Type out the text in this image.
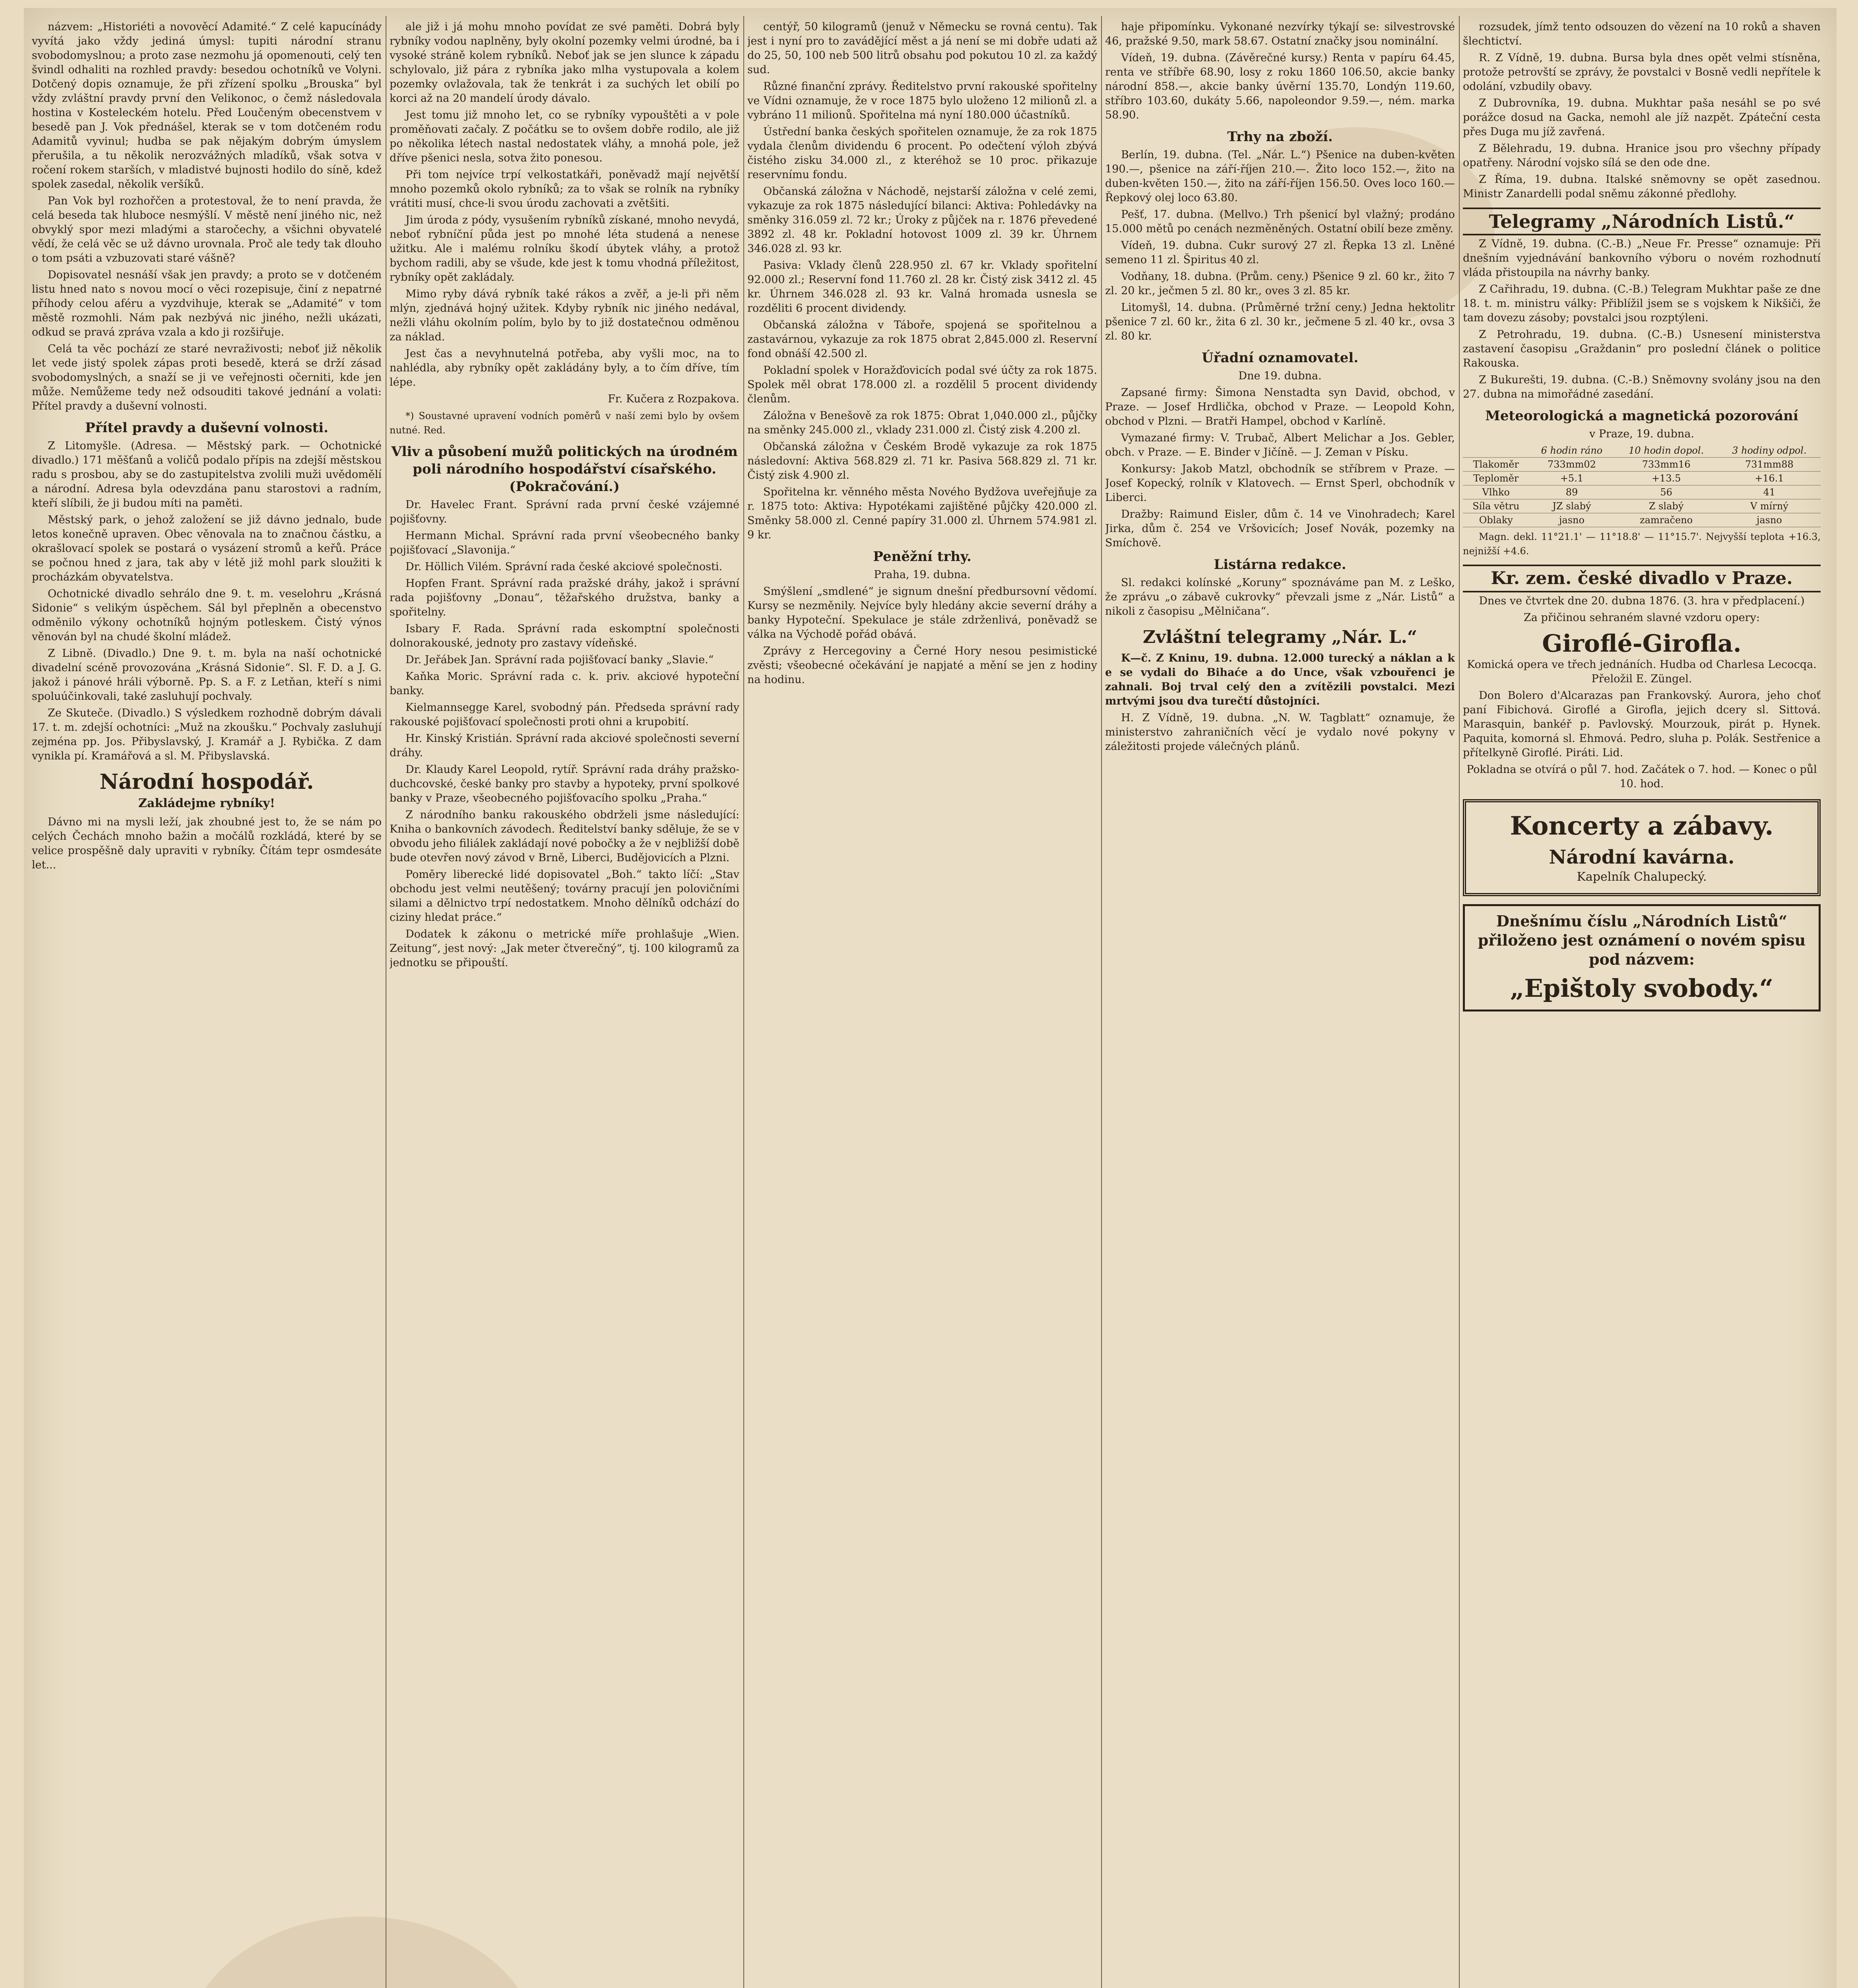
názvem: „Historiéti a novověcí Adamité.“ Z celé kapucínády vyvítá jako vždy jediná úmysl: tupiti národní stranu svobodomyslnou; a proto zase nezmohu já opomenouti, celý ten švindl odhaliti na rozhled pravdy: besedou ochotníků ve Volyni. Dotčený dopis oznamuje, že při zřízení spolku „Brouska“ byl vždy zvláštní pravdy první den Velikonoc, o čemž následovala hostina v Kosteleckém hotelu. Před Loučeným obecenstvem v besedě pan J. Vok přednášel, kterak se v tom dotčeném rodu Adamitů vyvinul; hudba se pak nějakým dobrým úmyslem přerušila, a tu několik nerozvážných mladíků, však sotva v ročení rokem starších, v mladistvé bujnosti hodilo do síně, kdež spolek zasedal, několik veršíků.

Pan Vok byl rozhořčen a protestoval, že to není pravda, že celá beseda tak hluboce nesmýšlí. V městě není jiného nic, než obvyklý spor mezi mladými a staročechy, a všichni obyvatelé vědí, že celá věc se už dávno urovnala. Proč ale tedy tak dlouho o tom psáti a vzbuzovati staré vášně?

Dopisovatel nesnáší však jen pravdy; a proto se v dotčeném listu hned nato s novou mocí o věci rozepisuje, činí z nepatrné příhody celou aféru a vyzdvihuje, kterak se „Adamité“ v tom městě rozmohli. Nám pak nezbývá nic jiného, nežli ukázati, odkud se pravá zpráva vzala a kdo ji rozšiřuje.

Celá ta věc pochází ze staré nevraživosti; neboť již několik let vede jistý spolek zápas proti besedě, která se drží zásad svobodomyslných, a snaží se ji ve veřejnosti očerniti, kde jen může. Nemůžeme tedy než odsouditi takové jednání a volati: Přítel pravdy a duševní volnosti.

Přítel pravdy a duševní volnosti.

Z Litomyšle. (Adresa. — Městský park. — Ochotnické divadlo.) 171 měšťanů a voličů podalo přípis na zdejší městskou radu s prosbou, aby se do zastupitelstva zvolili muži uvědomělí a národní. Adresa byla odevzdána panu starostovi a radním, kteří slíbili, že ji budou míti na paměti.

Městský park, o jehož založení se již dávno jednalo, bude letos konečně upraven. Obec věnovala na to značnou částku, a okrašlovací spolek se postará o vysázení stromů a keřů. Práce se počnou hned z jara, tak aby v létě již mohl park sloužiti k procházkám obyvatelstva.

Ochotnické divadlo sehrálo dne 9. t. m. veselohru „Krásná Sidonie“ s velikým úspěchem. Sál byl přeplněn a obecenstvo odměnilo výkony ochotníků hojným potleskem. Čistý výnos věnován byl na chudé školní mládež.

Z Libně. (Divadlo.) Dne 9. t. m. byla na naší ochotnické divadelní scéně provozována „Krásná Sidonie“. Sl. F. D. a J. G. jakož i pánové hráli výborně. Pp. S. a F. z Letňan, kteří s nimi spoluúčinkovali, také zasluhují pochvaly.

Ze Skuteče. (Divadlo.) S výsledkem rozhodně dobrým dávali 17. t. m. zdejší ochotníci: „Muž na zkoušku.“ Pochvaly zasluhují zejména pp. Jos. Přibyslavský, J. Kramář a J. Rybička. Z dam vynikla pí. Kramářová a sl. M. Přibyslavská.

Národní hospodář.
Zakládejme rybníky!

Dávno mi na mysli leží, jak zhoubné jest to, že se nám po celých Čechách mnoho bažin a močálů rozkládá, které by se velice prospěšně daly upraviti v rybníky. Čítám tepr osmdesáte let...

ale již i já mohu mnoho povídat ze své paměti. Dobrá byly rybníky vodou naplněny, byly okolní pozemky velmi úrodné, ba i vysoké stráně kolem rybníků. Neboť jak se jen slunce k západu schylovalo, již pára z rybníka jako mlha vystupovala a kolem pozemky ovlažovala, tak že tenkrát i za suchých let obilí po korci až na 20 mandelí úrody dávalo.

Jest tomu již mnoho let, co se rybníky vypouštěti a v pole proměňovati začaly. Z počátku se to ovšem dobře rodilo, ale již po několika létech nastal nedostatek vláhy, a mnohá pole, jež dříve pšenici nesla, sotva žito ponesou.

Při tom nejvíce trpí velkostatkáři, poněvadž mají největší mnoho pozemků okolo rybníků; za to však se rolník na rybníky vrátiti musí, chce-li svou úrodu zachovati a zvětšiti.

Jim úroda z pódy, vysušením rybníků získané, mnoho nevydá, neboť rybníční půda jest po mnohé léta studená a nenese užitku. Ale i malému rolníku škodí úbytek vláhy, a protož bychom radili, aby se všude, kde jest k tomu vhodná příležitost, rybníky opět zakládaly.

Mimo ryby dává rybník také rákos a zvěř, a je-li při něm mlýn, zjednává hojný užitek. Kdyby rybník nic jiného nedával, nežli vláhu okolním polím, bylo by to již dostatečnou odměnou za náklad.

Jest čas a nevyhnutelná potřeba, aby vyšli moc, na to nahlédla, aby rybníky opět zakládány byly, a to čím dříve, tím lépe.

Fr. Kučera z Rozpakova.

*) Soustavné upravení vodních poměrů v naší zemi bylo by ovšem nutné. Red.

Vliv a působení mužů politických na úrodném poli národního hospodářství císařského. (Pokračování.)

Dr. Havelec Frant. Správní rada první české vzájemné pojišťovny.

Hermann Michal. Správní rada první všeobecného banky pojišťovací „Slavonija.“

Dr. Höllich Vilém. Správní rada české akciové společnosti.

Hopfen Frant. Správní rada pražské dráhy, jakož i správní rada pojišťovny „Donau“, těžařského družstva, banky a spořitelny.

Isbary F. Rada. Správní rada eskomptní společnosti dolnorakouské, jednoty pro zastavy vídeňské.

Dr. Jeřábek Jan. Správní rada pojišťovací banky „Slavie.“

Kaňka Moric. Správní rada c. k. priv. akciové hypoteční banky.

Kielmannsegge Karel, svobodný pán. Předseda správní rady rakouské pojišťovací společnosti proti ohni a krupobití.

Hr. Kinský Kristián. Správní rada akciové společnosti severní dráhy.

Dr. Klaudy Karel Leopold, rytíř. Správní rada dráhy pražsko-duchcovské, české banky pro stavby a hypoteky, první spolkové banky v Praze, všeobecného pojišťovacího spolku „Praha.“

Z národního banku rakouského obdrželi jsme následující: Kniha o bankovních závodech. Ředitelství banky sděluje, že se v obvodu jeho filiálek zakládají nové pobočky a že v nejbližší době bude otevřen nový závod v Brně, Liberci, Budějovicích a Plzni.

Poměry liberecké lidé dopisovatel „Boh.“ takto líčí: „Stav obchodu jest velmi neutěšený; továrny pracují jen polovičními silami a dělnictvo trpí nedostatkem. Mnoho dělníků odchází do ciziny hledat práce.“

Dodatek k zákonu o metrické míře prohlašuje „Wien. Zeitung“, jest nový: „Jak meter čtverečný“, tj. 100 kilogramů za jednotku se připouští.

centýř, 50 kilogramů (jenuž v Německu se rovná centu). Tak jest i nyní pro to zavádějící měst a já není se mi dobře udati až do 25, 50, 100 neb 500 litrů obsahu pod pokutou 10 zl. za každý sud.

Různé finanční zprávy. Ředitelstvo první rakouské spořitelny ve Vídni oznamuje, že v roce 1875 bylo uloženo 12 milionů zl. a vybráno 11 milionů. Spořitelna má nyní 180.000 účastníků.

Ústřední banka českých spořitelen oznamuje, že za rok 1875 vydala členům dividendu 6 procent. Po odečtení výloh zbývá čistého zisku 34.000 zl., z kteréhož se 10 proc. přikazuje reservnímu fondu.

Občanská záložna v Náchodě, nejstarší záložna v celé zemi, vykazuje za rok 1875 následující bilanci: Aktiva: Pohledávky na směnky 316.059 zl. 72 kr.; Úroky z půjček na r. 1876 převedené 3892 zl. 48 kr. Pokladní hotovost 1009 zl. 39 kr. Úhrnem 346.028 zl. 93 kr.

Pasiva: Vklady členů 228.950 zl. 67 kr. Vklady spořitelní 92.000 zl.; Reservní fond 11.760 zl. 28 kr. Čistý zisk 3412 zl. 45 kr. Úhrnem 346.028 zl. 93 kr. Valná hromada usnesla se rozděliti 6 procent dividendy.

Občanská záložna v Táboře, spojená se spořitelnou a zastavárnou, vykazuje za rok 1875 obrat 2,845.000 zl. Reservní fond obnáší 42.500 zl.

Pokladní spolek v Horažďovicích podal své účty za rok 1875. Spolek měl obrat 178.000 zl. a rozdělil 5 procent dividendy členům.

Záložna v Benešově za rok 1875: Obrat 1,040.000 zl., půjčky na směnky 245.000 zl., vklady 231.000 zl. Čistý zisk 4.200 zl.

Občanská záložna v Českém Brodě vykazuje za rok 1875 následovní: Aktiva 568.829 zl. 71 kr. Pasiva 568.829 zl. 71 kr. Čistý zisk 4.900 zl.

Spořitelna kr. věnného města Nového Bydžova uveřejňuje za r. 1875 toto: Aktiva: Hypotékami zajištěné půjčky 420.000 zl. Směnky 58.000 zl. Cenné papíry 31.000 zl. Úhrnem 574.981 zl. 9 kr.

Peněžní trhy.

Praha, 19. dubna.

Smýšlení „smdlené“ je signum dnešní předbursovní vědomí. Kursy se nezměnily. Nejvíce byly hledány akcie severní dráhy a banky Hypoteční. Spekulace je stále zdrženlivá, poněvadž se válka na Východě pořád obává.

Zprávy z Hercegoviny a Černé Hory nesou pesimistické zvěsti; všeobecné očekávání je napjaté a mění se jen z hodiny na hodinu.

haje připomínku. Vykonané nezvírky týkají se: silvestrovské 46, pražské 9.50, mark 58.67. Ostatní značky jsou nominální.

Vídeň, 19. dubna. (Závěrečné kursy.) Renta v papíru 64.45, renta ve stříbře 68.90, losy z roku 1860 106.50, akcie banky národní 858.—, akcie banky úvěrní 135.70, Londýn 119.60, stříbro 103.60, dukáty 5.66, napoleondor 9.59.—, ném. marka 58.90.

Trhy na zboží.

Berlín, 19. dubna. (Tel. „Nár. L.“) Pšenice na duben-květen 190.—, pšenice na září-říjen 210.—. Žito loco 152.—, žito na duben-květen 150.—, žito na září-říjen 156.50. Oves loco 160.— Řepkový olej loco 63.80.

Pešť, 17. dubna. (Mellvo.) Trh pšenicí byl vlažný; prodáno 15.000 mětů po cenách nezměněných. Ostatní obilí beze změny.

Vídeň, 19. dubna. Cukr surový 27 zl. Řepka 13 zl. Lněné semeno 11 zl. Špiritus 40 zl.

Vodňany, 18. dubna. (Prům. ceny.) Pšenice 9 zl. 60 kr., žito 7 zl. 20 kr., ječmen 5 zl. 80 kr., oves 3 zl. 85 kr.

Litomyšl, 14. dubna. (Průměrné tržní ceny.) Jedna hektolitr pšenice 7 zl. 60 kr., žita 6 zl. 30 kr., ječmene 5 zl. 40 kr., ovsa 3 zl. 80 kr.

Úřadní oznamovatel.

Dne 19. dubna.

Zapsané firmy: Šimona Nenstadta syn David, obchod, v Praze. — Josef Hrdlička, obchod v Praze. — Leopold Kohn, obchod v Plzni. — Bratři Hampel, obchod v Karlíně.

Vymazané firmy: V. Trubač, Albert Melichar a Jos. Gebler, obch. v Praze. — E. Binder v Jičíně. — J. Zeman v Písku.

Konkursy: Jakob Matzl, obchodník se stříbrem v Praze. — Josef Kopecký, rolník v Klatovech. — Ernst Sperl, obchodník v Liberci.

Dražby: Raimund Eisler, dům č. 14 ve Vinohradech; Karel Jirka, dům č. 254 ve Vršovicích; Josef Novák, pozemky na Smíchově.

Listárna redakce.

Sl. redakci kolínské „Koruny“ spoznáváme pan M. z Leško, že zprávu „o zábavě cukrovky“ převzali jsme z „Nár. Listů“ a nikoli z časopisu „Mělničana“.

Zvláštní telegramy „Nár. L.“

K—č. Z Kninu, 19. dubna. 12.000 turecký a náklan a k e se vydali do Bihaće a do Unce, však vzbouřenci je zahnali. Boj trval celý den a zvítězili povstalci. Mezi mrtvými jsou dva turečtí důstojníci.

H. Z Vídně, 19. dubna. „N. W. Tagblatt“ oznamuje, že ministerstvo zahraničních věcí je vydalo nové pokyny v záležitosti projede válečných plánů.

rozsudek, jímž tento odsouzen do vězení na 10 roků a shaven šlechtictví.

R. Z Vídně, 19. dubna. Bursa byla dnes opět velmi stísněna, protože petrovští se zprávy, že povstalci v Bosně vedli nepřítele k odolání, vzbudily obavy.

Z Dubrovníka, 19. dubna. Mukhtar paša nesáhl se po své porážce dosud na Gacka, nemohl ale jíž nazpět. Zpáteční cesta přes Duga mu jíž zavřená.

Z Bělehradu, 19. dubna. Hranice jsou pro všechny případy opatřeny. Národní vojsko sílá se den ode dne.

Z Říma, 19. dubna. Italské sněmovny se opět zasednou. Ministr Zanardelli podal sněmu zákonné předlohy.

Telegramy „Národních Listů.“

Z Vídně, 19. dubna. (C.-B.) „Neue Fr. Presse“ oznamuje: Při dnešním vyjednávání bankovního výboru o novém rozhodnutí vláda přistoupila na návrhy banky.

Z Cařihradu, 19. dubna. (C.-B.) Telegram Mukhtar paše ze dne 18. t. m. ministru války: Přiblížil jsem se s vojskem k Nikšiči, že tam dovezu zásoby; povstalci jsou rozptýleni.

Z Petrohradu, 19. dubna. (C.-B.) Usnesení ministerstva zastavení časopisu „Graždanin“ pro poslední článek o politice Rakouska.

Z Bukurešti, 19. dubna. (C.-B.) Sněmovny svolány jsou na den 27. dubna na mimořádné zasedání.

Meteorologická a magnetická pozorování

v Praze, 19. dubna.

	6 hodin ráno	10 hodin dopol.	3 hodiny odpol.
Tlakoměr	733mm02	733mm16	731mm88
Teploměr	+5.1	+13.5	+16.1
Vlhko	89	56	41
Síla větru	JZ slabý	Z slabý	V mírný
Oblaky	jasno	zamračeno	jasno

Magn. dekl. 11°21.1' — 11°18.8' — 11°15.7'. Nejvyšší teplota +16.3, nejnižší +4.6.

Kr. zem. české divadlo v Praze.

Dnes ve čtvrtek dne 20. dubna 1876. (3. hra v předplacení.)

Za přičinou sehraném slavné vzdoru opery:

Giroflé-Girofla.

Komická opera ve třech jednáních. Hudba od Charlesa Lecocqa. Přeložil E. Züngel.

Don Bolero d'Alcarazas pan Frankovský. Aurora, jeho choť paní Fibichová. Giroflé a Girofla, jejich dcery sl. Sittová. Marasquin, bankéř p. Pavlovský. Mourzouk, pirát p. Hynek. Paquita, komorná sl. Ehmová. Pedro, sluha p. Polák. Sestřenice a přítelkyně Giroflé. Piráti. Lid.

Pokladna se otvírá o půl 7. hod. Začátek o 7. hod. — Konec o půl 10. hod.

Koncerty a zábavy.
Národní kavárna.
Kapelník Chalupecký.
Dnešnímu číslu „Národních Listů“ přiloženo jest oznámení o novém spisu pod názvem:
„Epištoly svobody.“
